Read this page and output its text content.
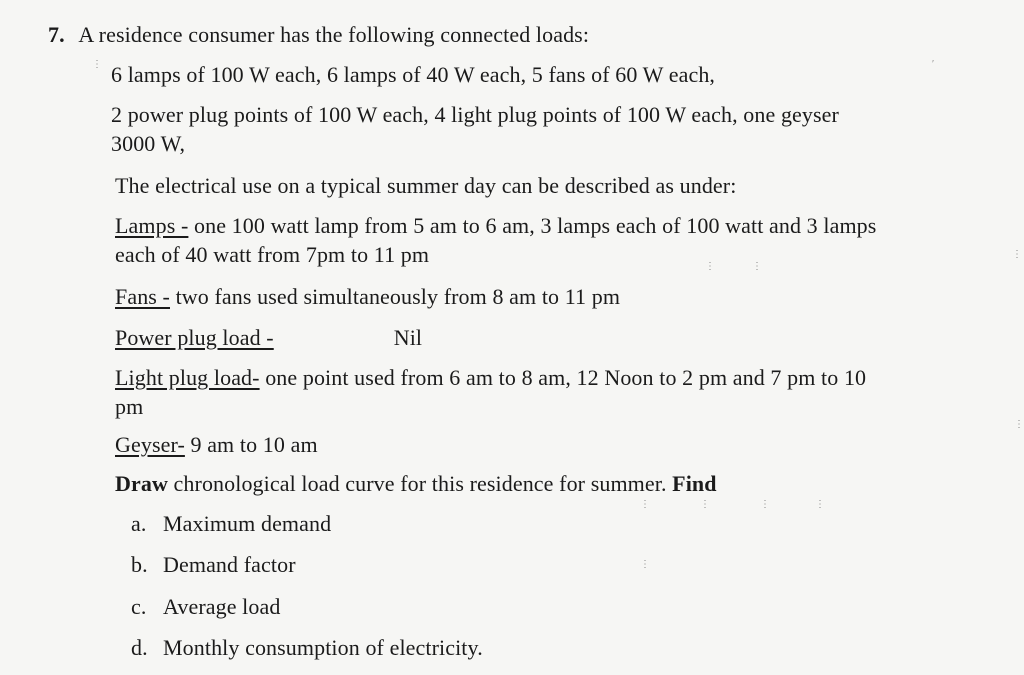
7. A residence consumer has the following connected loads:
6 lamps of 100 W each, 6 lamps of 40 W each, 5 fans of 60 W each,
2 power plug points of 100 W each, 4 light plug points of 100 W each, one geyser
3000 W,
The electrical use on a typical summer day can be described as under:
Lamps - one 100 watt lamp from 5 am to 6 am, 3 lamps each of 100 watt and 3 lamps
each of 40 watt from 7pm to 11 pm
Fans - two fans used simultaneously from 8 am to 11 pm
Power plug load -	Nil
Light plug load- one point used from 6 am to 8 am, 12 Noon to 2 pm and 7 pm to 10
pm
Geyser- 9 am to 10 am
Draw chronological load curve for this residence for summer. Find
a. Maximum demand
b. Demand factor
c. Average load
d. Monthly consumption of electricity.
⋮	′
⋮	⋮
⋮	⋮	⋮	⋮
⋮
⋮
⋮
